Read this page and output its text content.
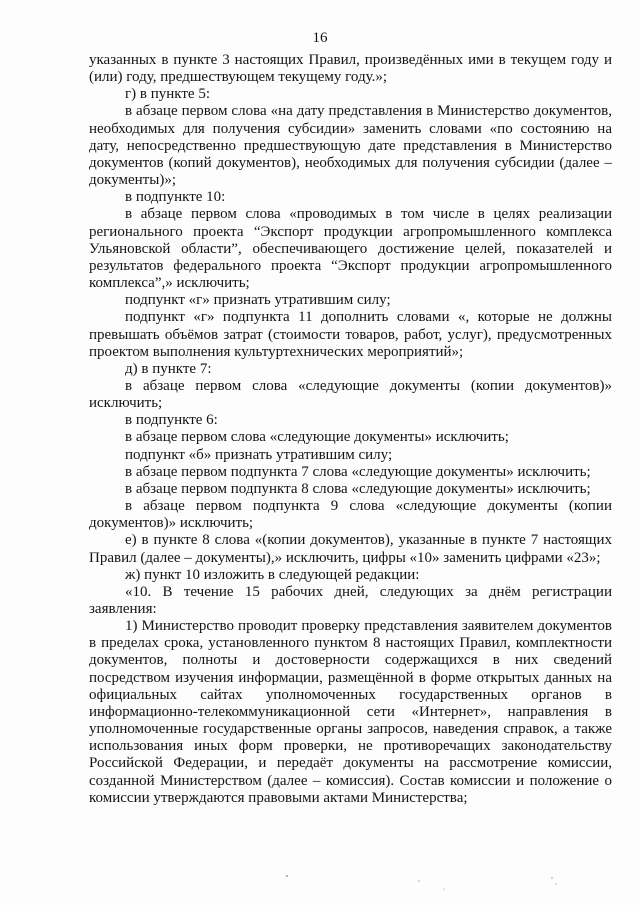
16

указанных в пункте 3 настоящих Правил, произведённых ими в текущем году и (или) году, предшествующем текущему году.»;

г) в пункте 5:

в абзаце первом слова «на дату представления в Министерство документов, необходимых для получения субсидии» заменить словами «по состоянию на дату, непосредственно предшествующую дате представления в Министерство документов (копий документов), необходимых для получения субсидии (далее – документы)»;

в подпункте 10:

в абзаце первом слова «проводимых в том числе в целях реализации регионального проекта “Экспорт продукции агропромышленного комплекса Ульяновской области”, обеспечивающего достижение целей, показателей и результатов федерального проекта “Экспорт продукции агропромышленного комплекса”,» исключить;

подпункт «г» признать утратившим силу;

подпункт «г» подпункта 11 дополнить словами «, которые не должны превышать объёмов затрат (стоимости товаров, работ, услуг), предусмотренных проектом выполнения культуртехнических мероприятий»;

д) в пункте 7:

в абзаце первом слова «следующие документы (копии документов)» исключить;

в подпункте 6:

в абзаце первом слова «следующие документы» исключить;

подпункт «б» признать утратившим силу;

в абзаце первом подпункта 7 слова «следующие документы» исключить;

в абзаце первом подпункта 8 слова «следующие документы» исключить;

в абзаце первом подпункта 9 слова «следующие документы (копии документов)» исключить;

е) в пункте 8 слова «(копии документов), указанные в пункте 7 настоящих Правил (далее – документы),» исключить, цифры «10» заменить цифрами «23»;

ж) пункт 10 изложить в следующей редакции:

«10. В течение 15 рабочих дней, следующих за днём регистрации заявления:

1) Министерство проводит проверку представления заявителем документов в пределах срока, установленного пунктом 8 настоящих Правил, комплектности документов, полноты и достоверности содержащихся в них сведений посредством изучения информации, размещённой в форме открытых данных на официальных сайтах уполномоченных государственных органов в информационно-телекоммуникационной сети «Интернет», направления в уполномоченные государственные органы запросов, наведения справок, а также использования иных форм проверки, не противоречащих законодательству Российской Федерации, и передаёт документы на рассмотрение комиссии, созданной Министерством (далее – комиссия). Состав комиссии и положение о комиссии утверждаются правовыми актами Министерства;
